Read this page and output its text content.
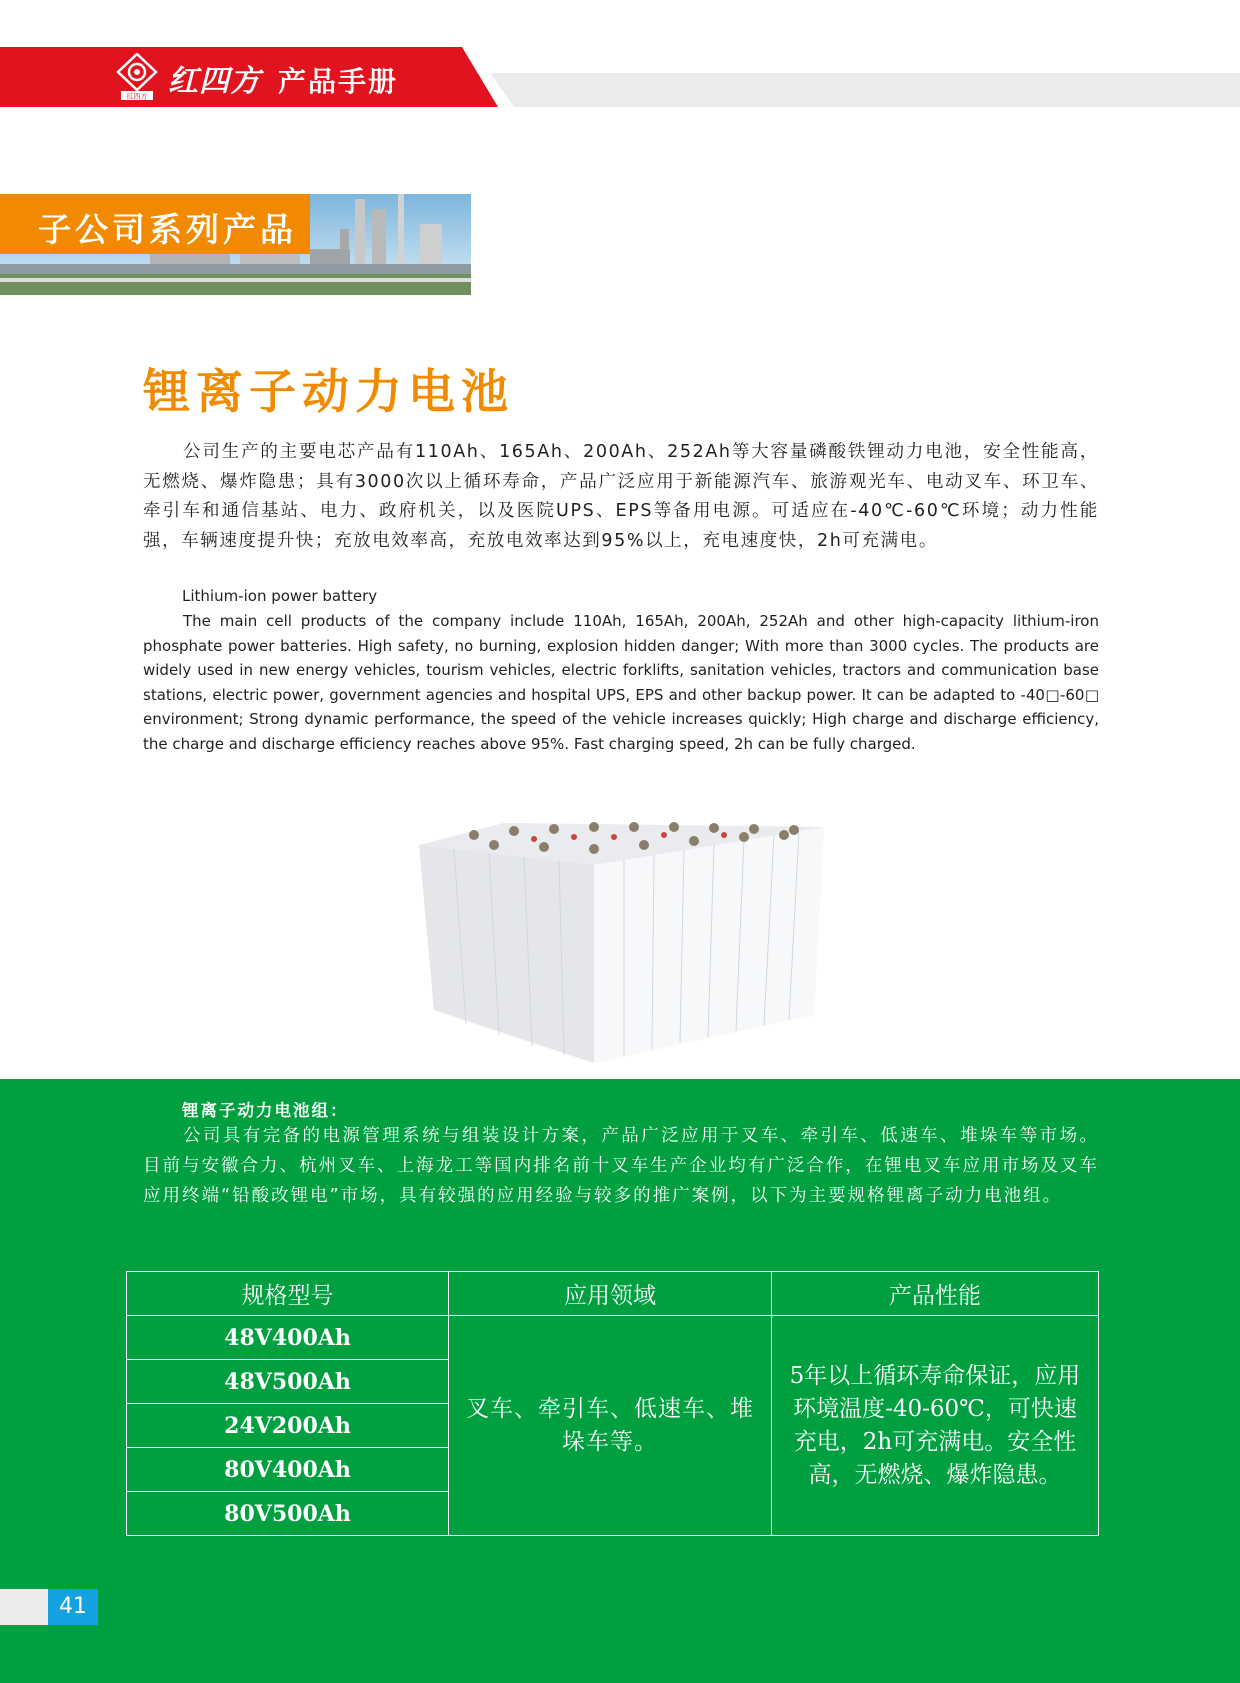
红四方 红四方 产品手册
子公司系列产品
锂离子动力电池

公司生产的主要电芯产品有110Ah、165Ah、200Ah、252Ah等大容量磷酸铁锂动力电池，安全性能高，无燃烧、爆炸隐患；具有3000次以上循环寿命，产品广泛应用于新能源汽车、旅游观光车、电动叉车、环卫车、牵引车和通信基站、电力、政府机关，以及医院UPS、EPS等备用电源。可适应在-40℃-60℃环境；动力性能强，车辆速度提升快；充放电效率高，充放电效率达到95%以上，充电速度快，2h可充满电。

Lithium-ion power battery

The main cell products of the company include 110Ah, 165Ah, 200Ah, 252Ah and other high-capacity lithium-iron phosphate power batteries. High safety, no burning, explosion hidden danger; With more than 3000 cycles. The products are widely used in new energy vehicles, tourism vehicles, electric forklifts, sanitation vehicles, tractors and communication base stations, electric power, government agencies and hospital UPS, EPS and other backup power. It can be adapted to -40□-60□ environment; Strong dynamic performance, the speed of the vehicle increases quickly; High charge and discharge efficiency, the charge and discharge efficiency reaches above 95%. Fast charging speed, 2h can be fully charged.

锂离子动力电池组：

公司具有完备的电源管理系统与组装设计方案，产品广泛应用于叉车、牵引车、低速车、堆垛车等市场。目前与安徽合力、杭州叉车、上海龙工等国内排名前十叉车生产企业均有广泛合作，在锂电叉车应用市场及叉车应用终端“铅酸改锂电”市场，具有较强的应用经验与较多的推广案例，以下为主要规格锂离子动力电池组。

规格型号	应用领域	产品性能
48V400Ah	叉车、牵引车、低速车、堆垛车等。	5年以上循环寿命保证，应用环境温度-40-60℃，可快速充电，2h可充满电。安全性高，无燃烧、爆炸隐患。
48V500Ah		
24V200Ah		
80V400Ah		
80V500Ah		
41
